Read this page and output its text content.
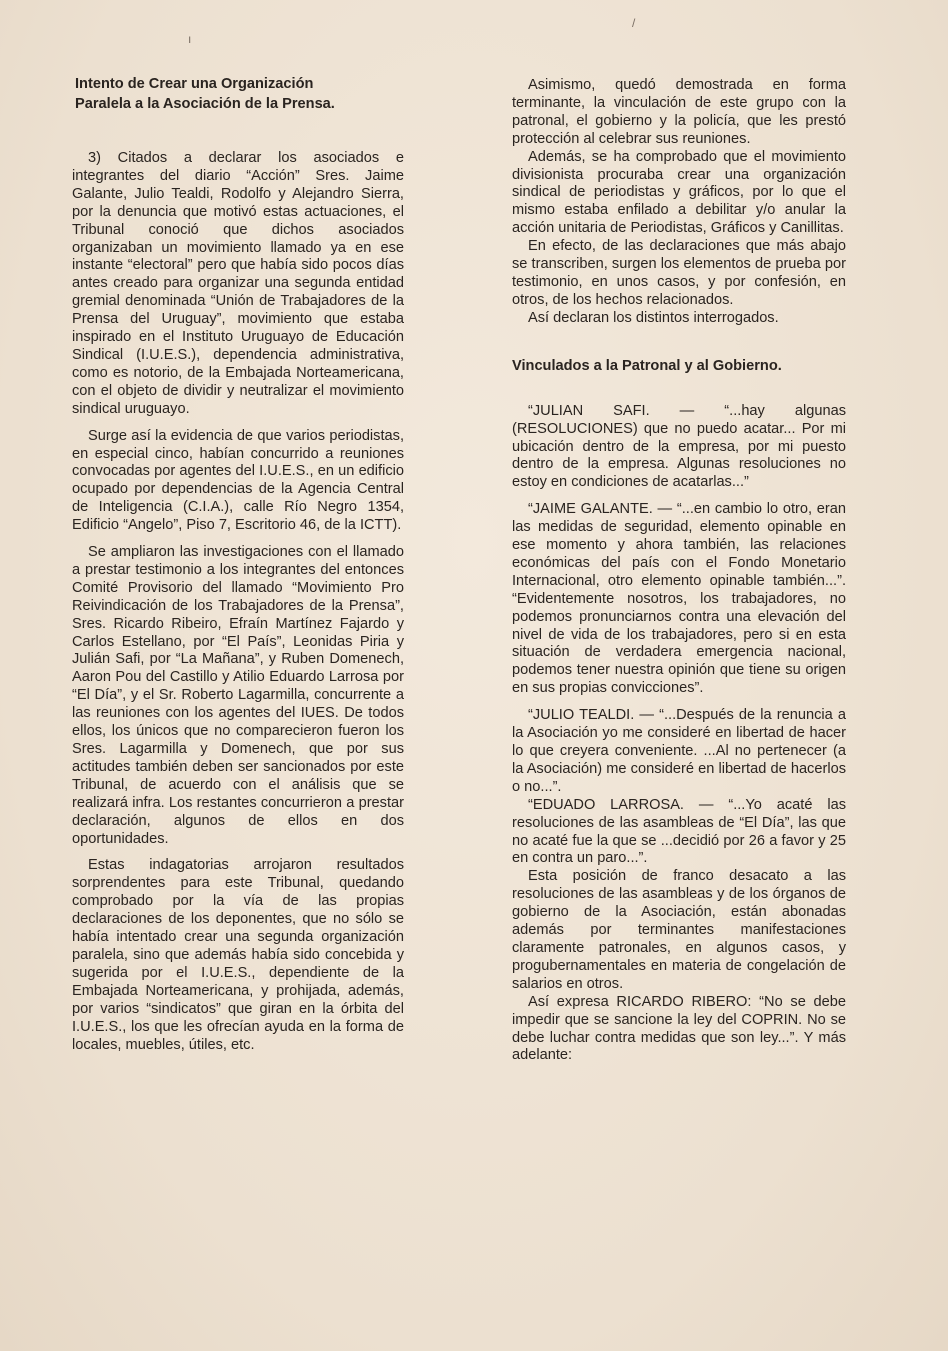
ı
/
Intento de Crear una Organización
Paralela a la Asociación de la Prensa.

3) Citados a declarar los asociados e integrantes del diario “Acción” Sres. Jaime Galante, Julio Tealdi, Rodolfo y Alejandro Sierra, por la denuncia que motivó estas actuaciones, el Tribunal conoció que dichos asociados organizaban un movimiento llamado ya en ese instante “electoral” pero que había sido pocos días antes creado para organizar una segunda entidad gremial denominada “Unión de Trabajadores de la Prensa del Uruguay”, movimiento que estaba inspirado en el Instituto Uruguayo de Educación Sindical (I.U.E.S.), dependencia administrativa, como es notorio, de la Embajada Norteamericana, con el objeto de dividir y neutralizar el movimiento sindical uruguayo.

Surge así la evidencia de que varios periodistas, en especial cinco, habían concurrido a reuniones convocadas por agentes del I.U.E.S., en un edificio ocupado por dependencias de la Agencia Central de Inteligencia (C.I.A.), calle Río Negro 1354, Edificio “Angelo”, Piso 7, Escritorio 46, de la ICTT).

Se ampliaron las investigaciones con el llamado a prestar testimonio a los integrantes del entonces Comité Provisorio del llamado “Movimiento Pro Reivindicación de los Trabajadores de la Prensa”, Sres. Ricardo Ribeiro, Efraín Martínez Fajardo y Carlos Estellano, por “El País”, Leonidas Piria y Julián Safi, por “La Mañana”, y Ruben Domenech, Aaron Pou del Castillo y Atilio Eduardo Larrosa por “El Día”, y el Sr. Roberto Lagarmilla, concurrente a las reuniones con los agentes del IUES. De todos ellos, los únicos que no comparecieron fueron los Sres. Lagarmilla y Domenech, que por sus actitudes también deben ser sancionados por este Tribunal, de acuerdo con el análisis que se realizará infra. Los restantes concurrieron a prestar declaración, algunos de ellos en dos oportunidades.

Estas indagatorias arrojaron resultados sorprendentes para este Tribunal, quedando comprobado por la vía de las propias declaraciones de los deponentes, que no sólo se había intentado crear una segunda organización paralela, sino que además había sido concebida y sugerida por el I.U.E.S., dependiente de la Embajada Norteamericana, y prohijada, además, por varios “sindicatos” que giran en la órbita del I.U.E.S., los que les ofrecían ayuda en la forma de locales, muebles, útiles, etc.

Asimismo, quedó demostrada en forma terminante, la vinculación de este grupo con la patronal, el gobierno y la policía, que les prestó protección al celebrar sus reuniones.

Además, se ha comprobado que el movimiento divisionista procuraba crear una organización sindical de periodistas y gráficos, por lo que el mismo estaba enfilado a debilitar y/o anular la acción unitaria de Periodistas, Gráficos y Canillitas.

En efecto, de las declaraciones que más abajo se transcriben, surgen los elementos de prueba por testimonio, en unos casos, y por confesión, en otros, de los hechos relacionados.

Así declaran los distintos interrogados.

Vinculados a la Patronal y al Gobierno.

“JULIAN SAFI. — “...hay algunas (RESOLUCIONES) que no puedo acatar... Por mi ubicación dentro de la empresa, por mi puesto dentro de la empresa. Algunas resoluciones no estoy en condiciones de acatarlas...”

“JAIME GALANTE. — “...en cambio lo otro, eran las medidas de seguridad, elemento opinable en ese momento y ahora también, las relaciones económicas del país con el Fondo Monetario Internacional, otro elemento opinable también...”. “Evidentemente nosotros, los trabajadores, no podemos pronunciarnos contra una elevación del nivel de vida de los trabajadores, pero si en esta situación de verdadera emergencia nacional, podemos tener nuestra opinión que tiene su origen en sus propias convicciones”.

“JULIO TEALDI. — “...Después de la renuncia a la Asociación yo me consideré en libertad de hacer lo que creyera conveniente. ...Al no pertenecer (a la Asociación) me consideré en libertad de hacerlos o no...”.

“EDUADO LARROSA. — “...Yo acaté las resoluciones de las asambleas de “El Día”, las que no acaté fue la que se ...decidió por 26 a favor y 25 en contra un paro...”.

Esta posición de franco desacato a las resoluciones de las asambleas y de los órganos de gobierno de la Asociación, están abonadas además por terminantes manifestaciones claramente patronales, en algunos casos, y progubernamentales en materia de congelación de salarios en otros.

Así expresa RICARDO RIBERO: “No se debe impedir que se sancione la ley del COPRIN. No se debe luchar contra medidas que son ley...”. Y más adelante:
